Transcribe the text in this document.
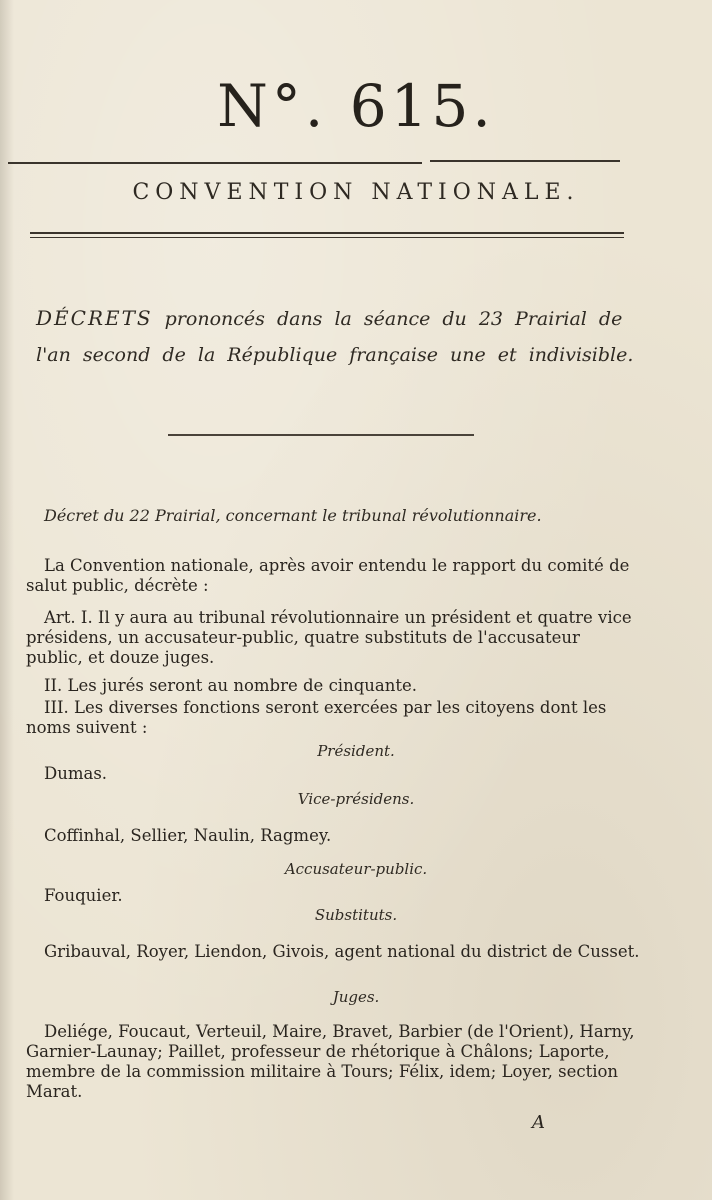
N°. 615.
CONVENTION NATIONALE.
DÉCRETS prononcés dans la séance du 23 Prairial de l'an second de la République française une et indivisible.
Décret du 22 Prairial, concernant le tribunal révolutionnaire.
La Convention nationale, après avoir entendu le rapport du comité de salut public, décrète :
Art. I. Il y aura au tribunal révolutionnaire un président et quatre vice présidens, un accusateur-public, quatre substituts de l'accusateur public, et douze juges.
II. Les jurés seront au nombre de cinquante.
III. Les diverses fonctions seront exercées par les citoyens dont les noms suivent :
Président.
Dumas.
Vice-présidens.
Coffinhal, Sellier, Naulin, Ragmey.
Accusateur-public.
Fouquier.
Substituts.
Gribauval, Royer, Liendon, Givois, agent national du district de Cusset.
Juges.
Deliége, Foucaut, Verteuil, Maire, Bravet, Barbier (de l'Orient), Harny, Garnier-Launay; Paillet, professeur de rhétorique à Châlons; Laporte, membre de la commission militaire à Tours; Félix, idem; Loyer, section Marat.
A
